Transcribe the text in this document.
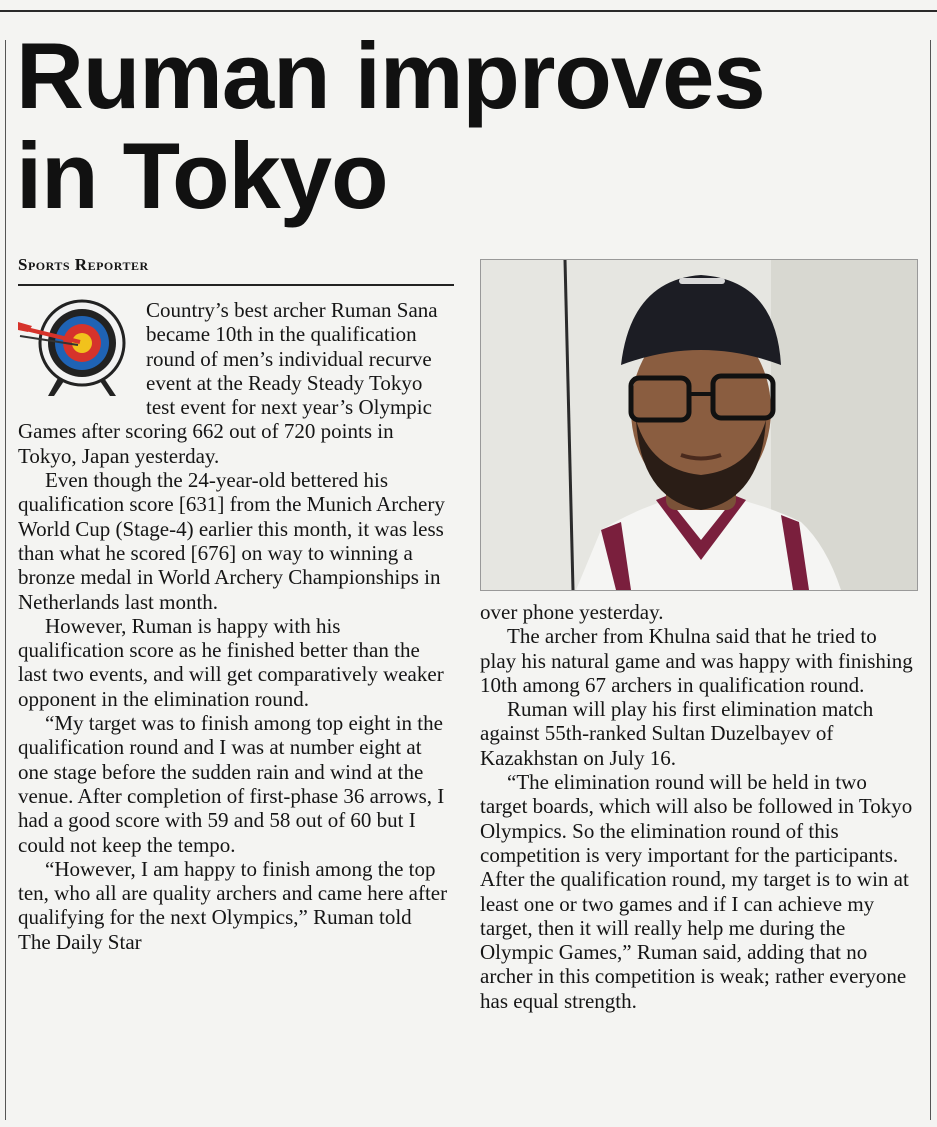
Ruman improves
in Tokyo
Sports Reporter

Country’s best archer Ruman Sana became 10th in the qualification round of men’s individual recurve event at the Ready Steady Tokyo test event for next year’s Olympic Games after scoring 662 out of 720 points in Tokyo, Japan yesterday.

Even though the 24-year-old bettered his qualification score [631] from the Munich Archery World Cup (Stage-4) earlier this month, it was less than what he scored [676] on way to winning a bronze medal in World Archery Championships in Netherlands last month.

However, Ruman is happy with his qualification score as he finished better than the last two events, and will get comparatively weaker opponent in the elimination round.

“My target was to finish among top eight in the qualification round and I was at number eight at one stage before the sudden rain and wind at the venue. After completion of first-phase 36 arrows, I had a good score with 59 and 58 out of 60 but I could not keep the tempo.

“However, I am happy to finish among the top ten, who all are quality archers and came here after qualifying for the next Olympics,” Ruman told The Daily Star

over phone yesterday.

The archer from Khulna said that he tried to play his natural game and was happy with finishing 10th among 67 archers in qualification round.

Ruman will play his first elimination match against 55th-ranked Sultan Duzelbayev of Kazakhstan on July 16.

“The elimination round will be held in two target boards, which will also be followed in Tokyo Olympics. So the elimination round of this competition is very important for the participants. After the qualification round, my target is to win at least one or two games and if I can achieve my target, then it will really help me during the Olympic Games,” Ruman said, adding that no archer in this competition is weak; rather everyone has equal strength.
